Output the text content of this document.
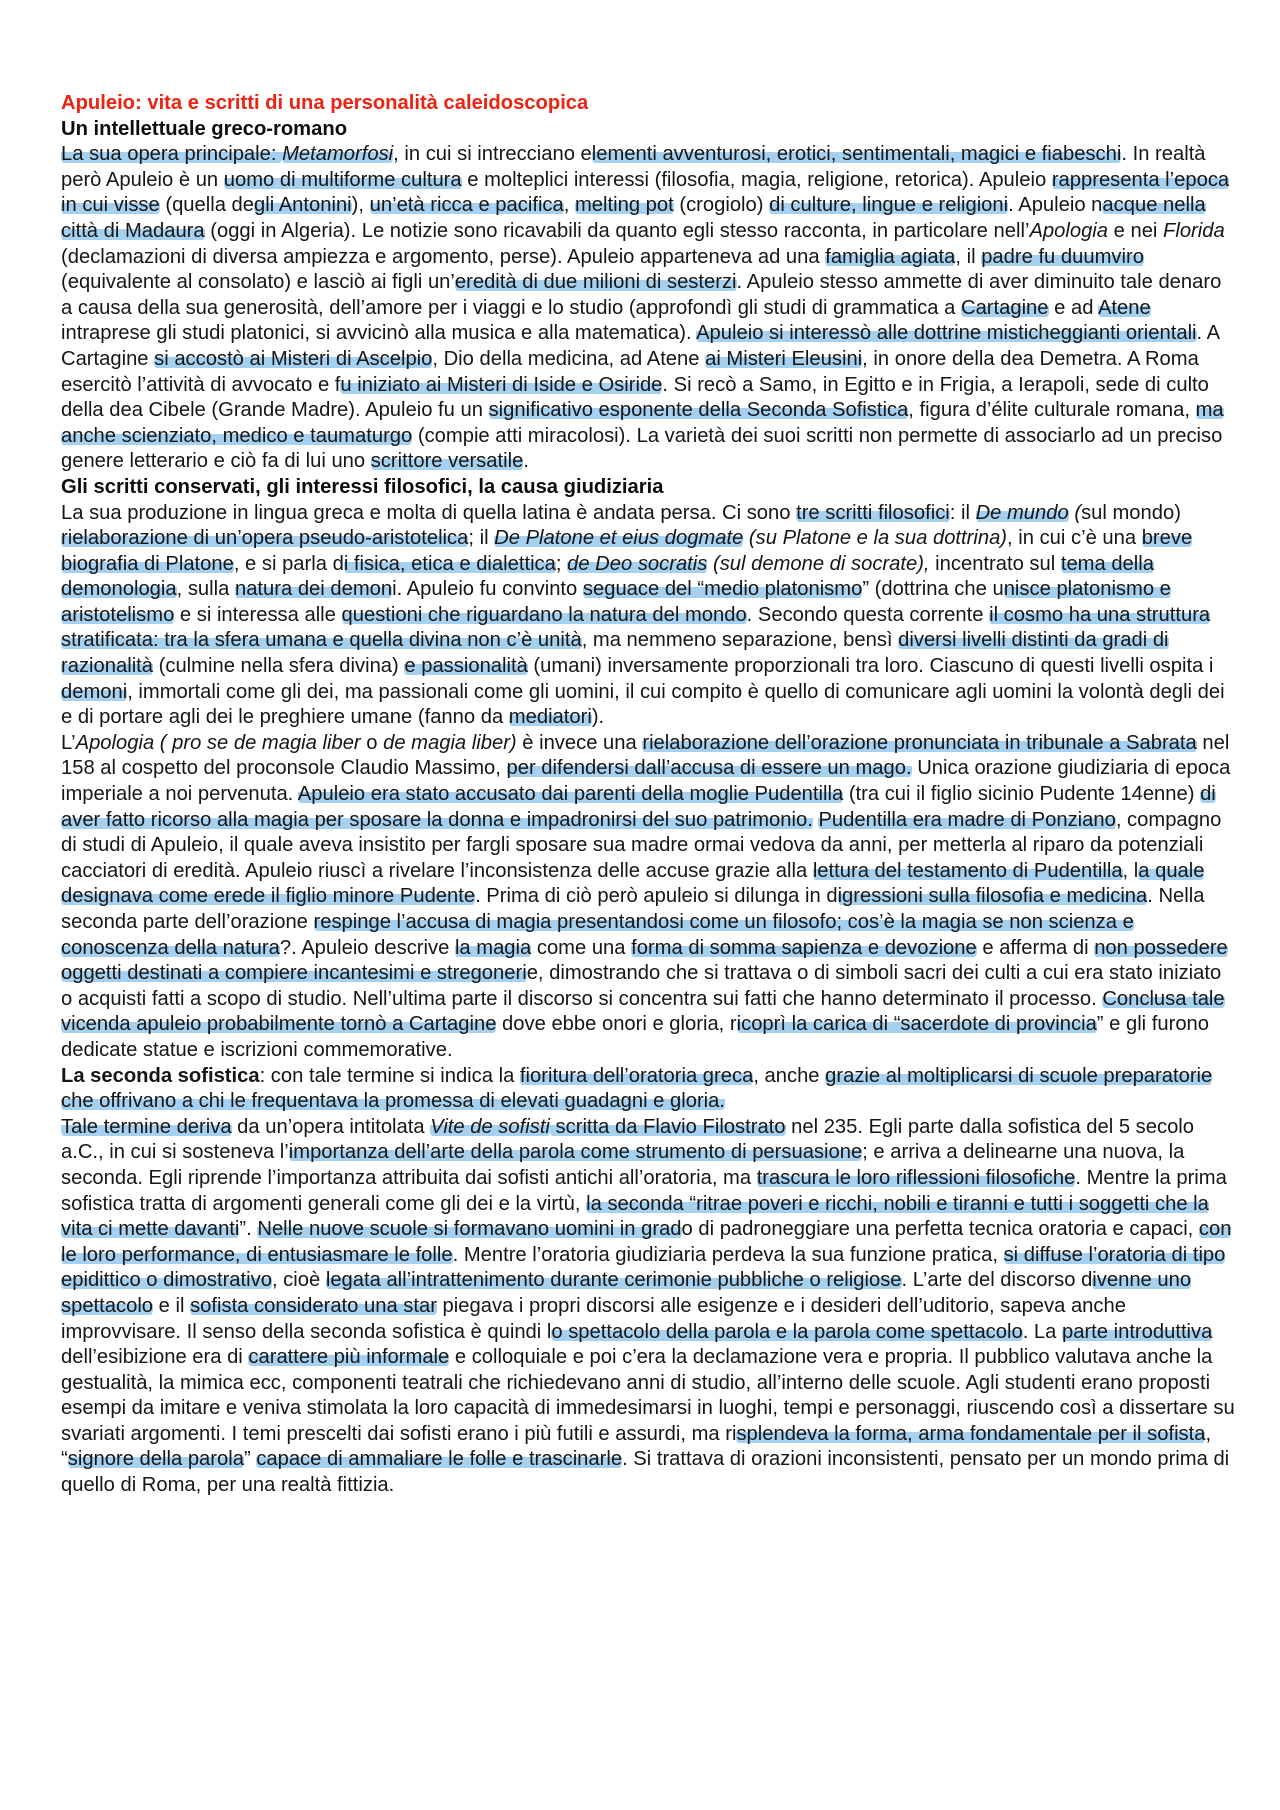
Apuleio: vita e scritti di una personalità caleidoscopica
Un intellettuale greco-romano

La sua opera principale: Metamorfosi, in cui si intrecciano elementi avventurosi, erotici, sentimentali, magici e fiabeschi. In realtà però Apuleio è un uomo di multiforme cultura e molteplici interessi (filosofia, magia, religione, retorica). Apuleio rappresenta l’epoca in cui visse (quella degli Antonini), un’età ricca e pacifica, melting pot (crogiolo) di culture, lingue e religioni. Apuleio nacque nella città di Madaura (oggi in Algeria). Le notizie sono ricavabili da quanto egli stesso racconta, in particolare nell’Apologia e nei Florida (declamazioni di diversa ampiezza e argomento, perse). Apuleio apparteneva ad una famiglia agiata, il padre fu duumviro (equivalente al consolato) e lasciò ai figli un’eredità di due milioni di sesterzi. Apuleio stesso ammette di aver diminuito tale denaro a causa della sua generosità, dell’amore per i viaggi e lo studio (approfondì gli studi di grammatica a Cartagine e ad Atene intraprese gli studi platonici, si avvicinò alla musica e alla matematica). Apuleio si interessò alle dottrine misticheggianti orientali. A Cartagine si accostò ai Misteri di Ascelpio, Dio della medicina, ad Atene ai Misteri Eleusini, in onore della dea Demetra. A Roma esercitò l’attività di avvocato e fu iniziato ai Misteri di Iside e Osiride. Si recò a Samo, in Egitto e in Frigia, a Ierapoli, sede di culto della dea Cibele (Grande Madre). Apuleio fu un significativo esponente della Seconda Sofistica, figura d’élite culturale romana, ma anche scienziato, medico e taumaturgo (compie atti miracolosi). La varietà dei suoi scritti non permette di associarlo ad un preciso genere letterario e ciò fa di lui uno scrittore versatile.

Gli scritti conservati, gli interessi filosofici, la causa giudiziaria

La sua produzione in lingua greca e molta di quella latina è andata persa. Ci sono tre scritti filosofici: il De mundo (sul mondo) rielaborazione di un’opera pseudo-aristotelica; il De Platone et eius dogmate (su Platone e la sua dottrina), in cui c’è una breve biografia di Platone, e si parla di fisica, etica e dialettica; de Deo socratis (sul demone di socrate), incentrato sul tema della demonologia, sulla natura dei demoni. Apuleio fu convinto seguace del “medio platonismo” (dottrina che unisce platonismo e aristotelismo e si interessa alle questioni che riguardano la natura del mondo. Secondo questa corrente il cosmo ha una struttura stratificata: tra la sfera umana e quella divina non c’è unità, ma nemmeno separazione, bensì diversi livelli distinti da gradi di razionalità (culmine nella sfera divina) e passionalità (umani) inversamente proporzionali tra loro. Ciascuno di questi livelli ospita i demoni, immortali come gli dei, ma passionali come gli uomini, il cui compito è quello di comunicare agli uomini la volontà degli dei e di portare agli dei le preghiere umane (fanno da mediatori).

L’Apologia ( pro se de magia liber o de magia liber) è invece una rielaborazione dell’orazione pronunciata in tribunale a Sabrata nel 158 al cospetto del proconsole Claudio Massimo, per difendersi dall’accusa di essere un mago. Unica orazione giudiziaria di epoca imperiale a noi pervenuta. Apuleio era stato accusato dai parenti della moglie Pudentilla (tra cui il figlio sicinio Pudente 14enne) di aver fatto ricorso alla magia per sposare la donna e impadronirsi del suo patrimonio. Pudentilla era madre di Ponziano, compagno di studi di Apuleio, il quale aveva insistito per fargli sposare sua madre ormai vedova da anni, per metterla al riparo da potenziali cacciatori di eredità. Apuleio riuscì a rivelare l’inconsistenza delle accuse grazie alla lettura del testamento di Pudentilla, la quale designava come erede il figlio minore Pudente. Prima di ciò però apuleio si dilunga in digressioni sulla filosofia e medicina. Nella seconda parte dell’orazione respinge l’accusa di magia presentandosi come un filosofo; cos’è la magia se non scienza e conoscenza della natura?. Apuleio descrive la magia come una forma di somma sapienza e devozione e afferma di non possedere oggetti destinati a compiere incantesimi e stregonerie, dimostrando che si trattava o di simboli sacri dei culti a cui era stato iniziato o acquisti fatti a scopo di studio. Nell’ultima parte il discorso si concentra sui fatti che hanno determinato il processo. Conclusa tale vicenda apuleio probabilmente tornò a Cartagine dove ebbe onori e gloria, ricoprì la carica di “sacerdote di provincia” e gli furono dedicate statue e iscrizioni commemorative.

La seconda sofistica: con tale termine si indica la fioritura dell’oratoria greca, anche grazie al moltiplicarsi di scuole preparatorie che offrivano a chi le frequentava la promessa di elevati guadagni e gloria.

Tale termine deriva da un’opera intitolata Vite de sofisti scritta da Flavio Filostrato nel 235. Egli parte dalla sofistica del 5 secolo a.C., in cui si sosteneva l’importanza dell’arte della parola come strumento di persuasione; e arriva a delinearne una nuova, la seconda. Egli riprende l’importanza attribuita dai sofisti antichi all’oratoria, ma trascura le loro riflessioni filosofiche. Mentre la prima sofistica tratta di argomenti generali come gli dei e la virtù, la seconda “ritrae poveri e ricchi, nobili e tiranni e tutti i soggetti che la vita ci mette davanti”. Nelle nuove scuole si formavano uomini in grado di padroneggiare una perfetta tecnica oratoria e capaci, con le loro performance, di entusiasmare le folle. Mentre l’oratoria giudiziaria perdeva la sua funzione pratica, si diffuse l’oratoria di tipo epidittico o dimostrativo, cioè legata all’intrattenimento durante cerimonie pubbliche o religiose. L’arte del discorso divenne uno spettacolo e il sofista considerato una star piegava i propri discorsi alle esigenze e i desideri dell’uditorio, sapeva anche improvvisare. Il senso della seconda sofistica è quindi lo spettacolo della parola e la parola come spettacolo. La parte introduttiva dell’esibizione era di carattere più informale e colloquiale e poi c’era la declamazione vera e propria. Il pubblico valutava anche la gestualità, la mimica ecc, componenti teatrali che richiedevano anni di studio, all’interno delle scuole. Agli studenti erano proposti esempi da imitare e veniva stimolata la loro capacità di immedesimarsi in luoghi, tempi e personaggi, riuscendo così a dissertare su svariati argomenti. I temi prescelti dai sofisti erano i più futili e assurdi, ma risplendeva la forma, arma fondamentale per il sofista, “signore della parola” capace di ammaliare le folle e trascinarle. Si trattava di orazioni inconsistenti, pensato per un mondo prima di quello di Roma, per una realtà fittizia.
